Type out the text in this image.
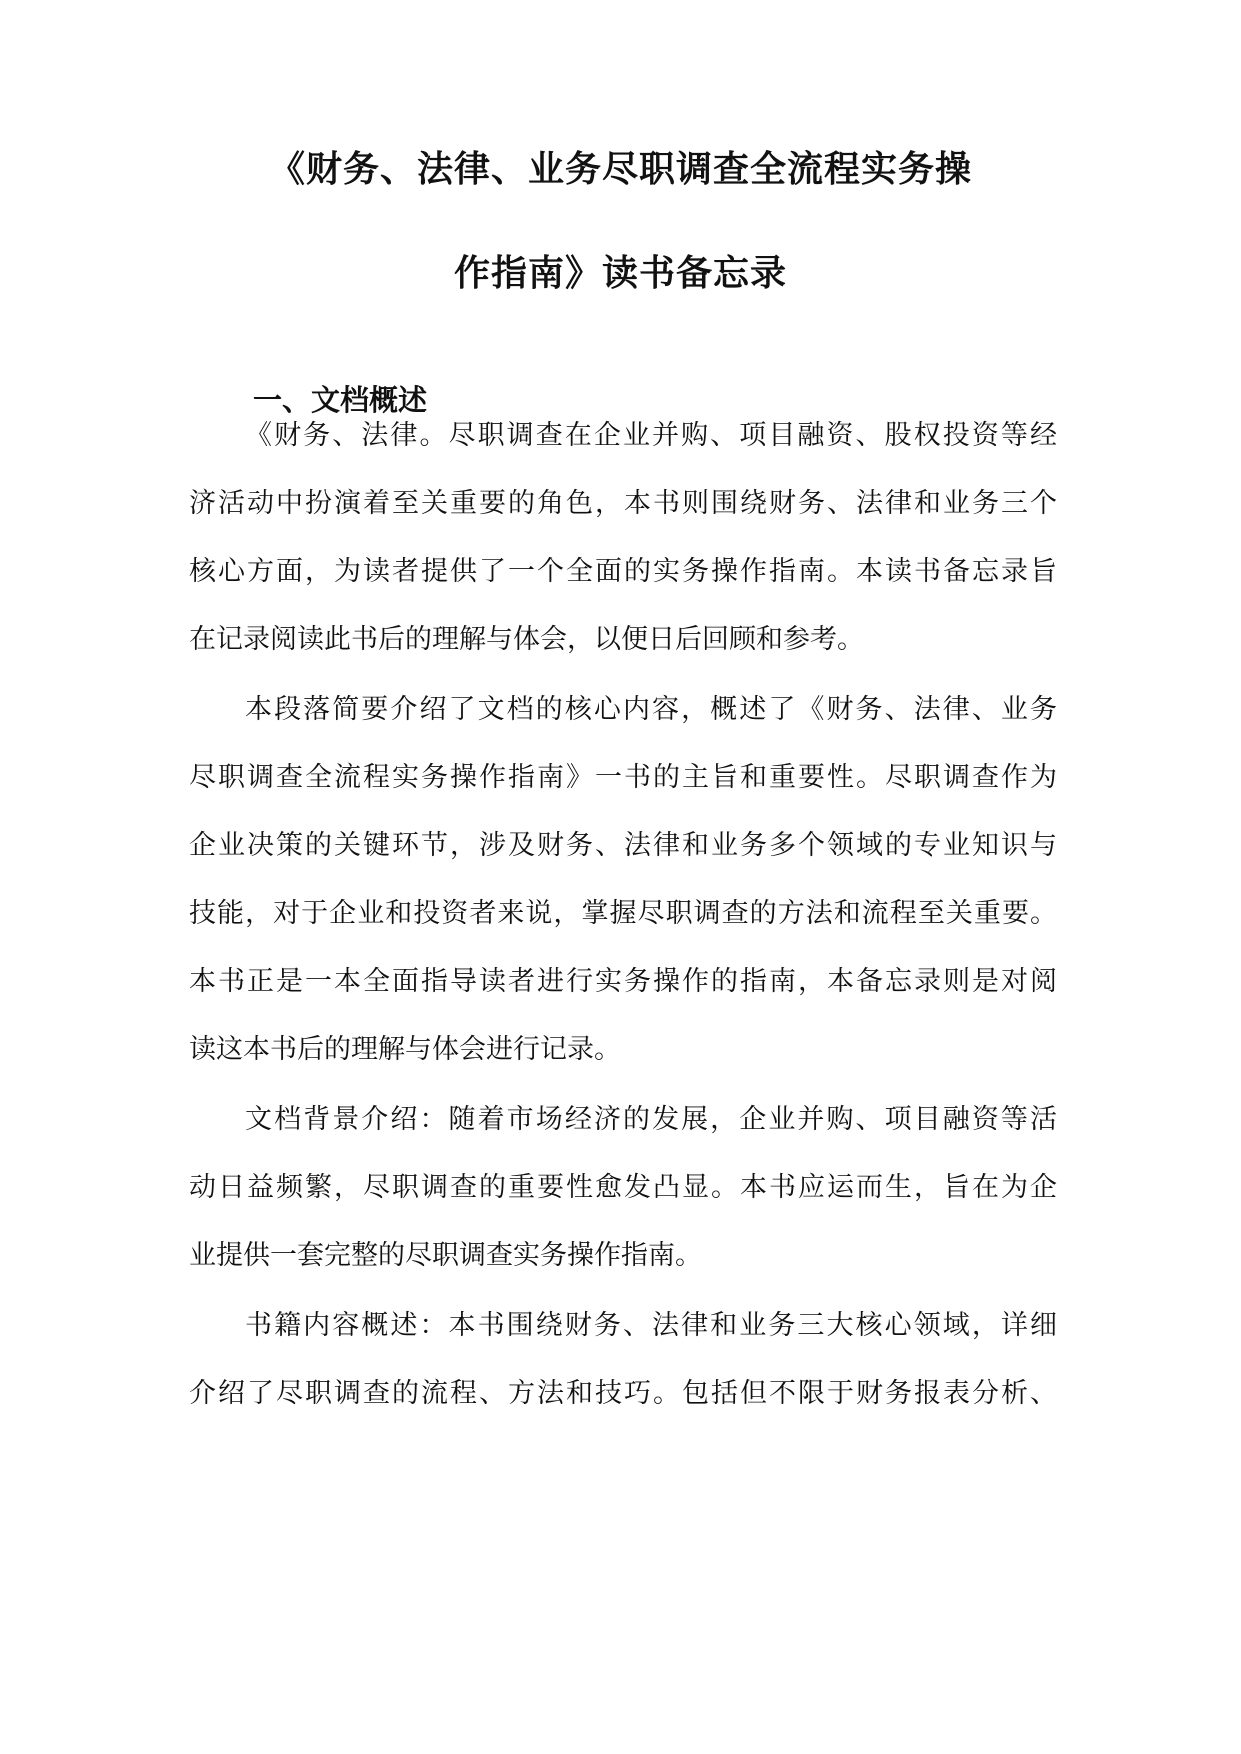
《财务、法律、业务尽职调查全流程实务操
作指南》读书备忘录
一、文档概述
《财务、法律。尽职调查在企业并购、项目融资、股权投资等经
济活动中扮演着至关重要的角色，本书则围绕财务、法律和业务三个
核心方面，为读者提供了一个全面的实务操作指南。本读书备忘录旨
在记录阅读此书后的理解与体会，以便日后回顾和参考。
本段落简要介绍了文档的核心内容，概述了《财务、法律、业务
尽职调查全流程实务操作指南》一书的主旨和重要性。尽职调查作为
企业决策的关键环节，涉及财务、法律和业务多个领域的专业知识与
技能，对于企业和投资者来说，掌握尽职调查的方法和流程至关重要。
本书正是一本全面指导读者进行实务操作的指南，本备忘录则是对阅
读这本书后的理解与体会进行记录。
文档背景介绍：随着市场经济的发展，企业并购、项目融资等活
动日益频繁，尽职调查的重要性愈发凸显。本书应运而生，旨在为企
业提供一套完整的尽职调查实务操作指南。
书籍内容概述：本书围绕财务、法律和业务三大核心领域，详细
介绍了尽职调查的流程、方法和技巧。包括但不限于财务报表分析、
